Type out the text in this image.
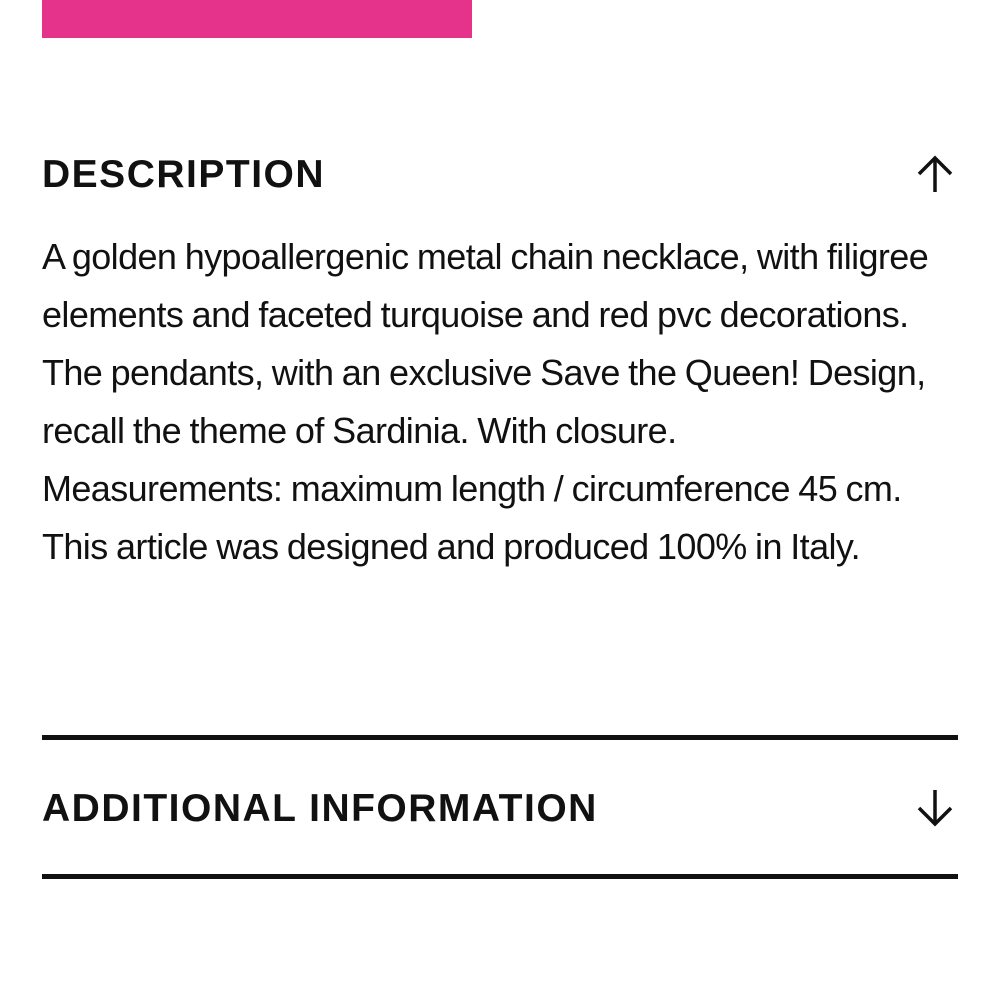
DESCRIPTION

A golden hypoallergenic metal chain necklace, with filigree elements and faceted turquoise and red pvc decorations. The pendants, with an exclusive Save the Queen! Design, recall the theme of Sardinia. With closure.

Measurements: maximum length / circumference 45 cm.

This article was designed and produced 100% in Italy.

ADDITIONAL INFORMATION
